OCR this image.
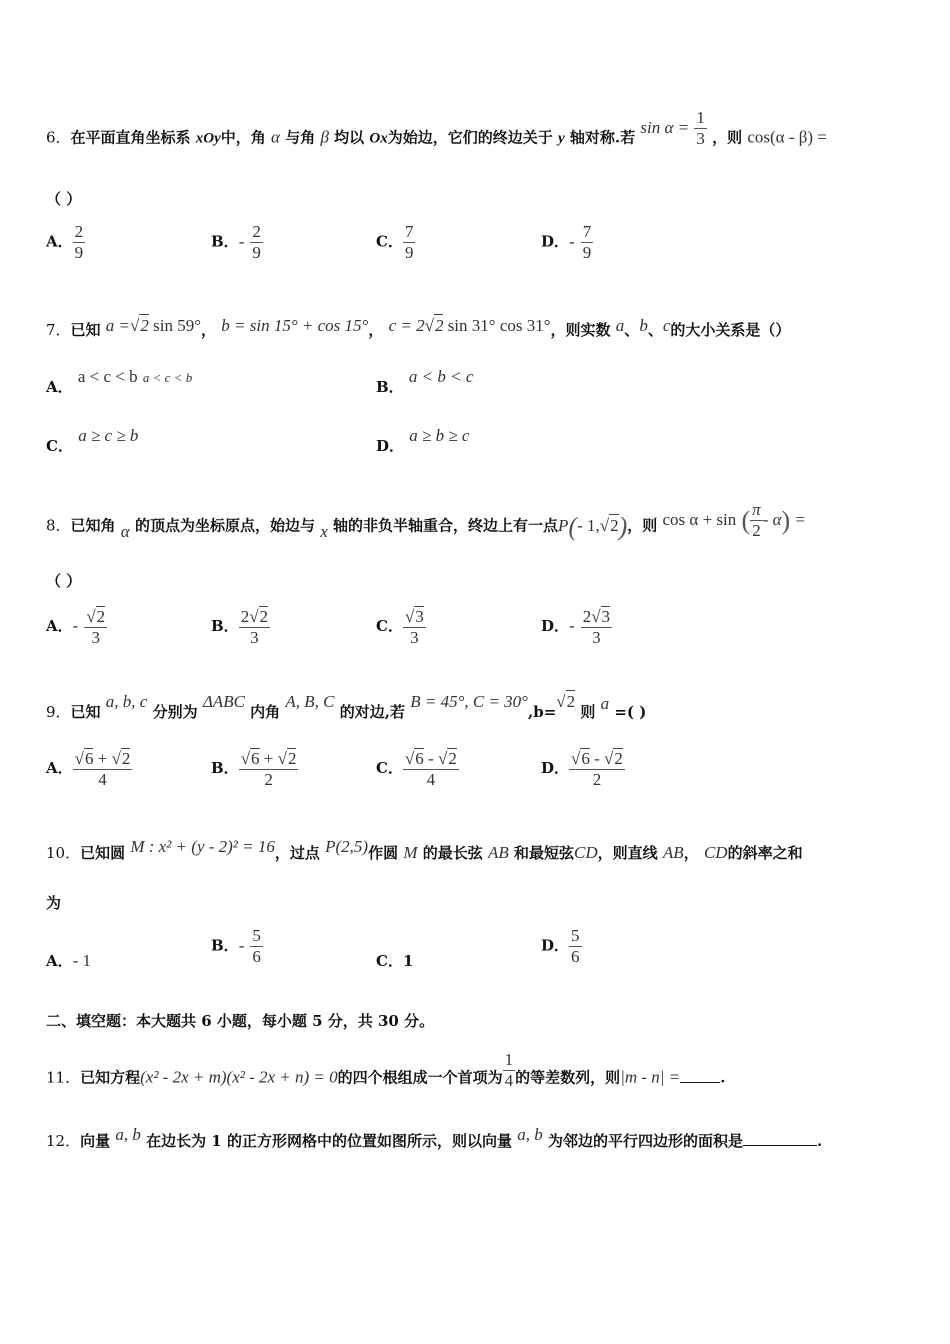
6．在平面直角坐标系 xOy中，角 α 与角 β 均以 Ox为始边，它们的终边关于 y 轴对称.若 $\sin \alpha = \frac{1}{3}$ ，则 cos(α - β) =
（ ）
A． $\frac{2}{9}$	B．- $\frac{2}{9}$	C． $\frac{7}{9}$	D．- $\frac{7}{9}$
7．已知 a =√2 sin 59°， b = sin 15° + cos 15°， c = 2√2 sin 31° cos 31°，则实数 a、b、c的大小关系是（）
A． a < c < b a < c < b
B． a < b < c
C． a ≥ c ≥ b
D． a ≥ b ≥ c
8．已知角 α 的顶点为坐标原点，始边与 x 轴的非负半轴重合，终边上有一点P(- 1,√2)，则 cos α + sin ( $\frac{\pi}{2} - \alpha$) =
（ ）
A．- $\frac{√2}{3}$	B． $\frac{2√2}{3}$	C． $\frac{√3}{3}$	D．- $\frac{2√3}{3}$
9．已知 a, b, c 分别为 ΔABC 内角 A, B, C 的对边,若 B = 45°, C = 30°,b=√2 则 a =( )
A． $\frac{√6 + √2}{4}$	B． $\frac{√6 + √2}{2}$	C． $\frac{√6 - √2}{4}$	D． $\frac{√6 - √2}{2}$
10．已知圆 M : x² + (y - 2)² = 16，过点 P(2,5)作圆 M 的最长弦 AB 和最短弦CD，则直线 AB， CD的斜率之和
为
A．- 1
B．- $\frac{5}{6}$	C．1
D． $\frac{5}{6}$
二、填空题：本大题共 6 小题，每小题 5 分，共 30 分。
11．已知方程(x² - 2x + m)(x² - 2x + n) = 0的四个根组成一个首项为 $\frac{1}{4}$ 的等差数列，则|m - n| =	.
12．向量 a, b 在边长为 1 的正方形网格中的位置如图所示，则以向量 a, b 为邻边的平行四边形的面积是	.
